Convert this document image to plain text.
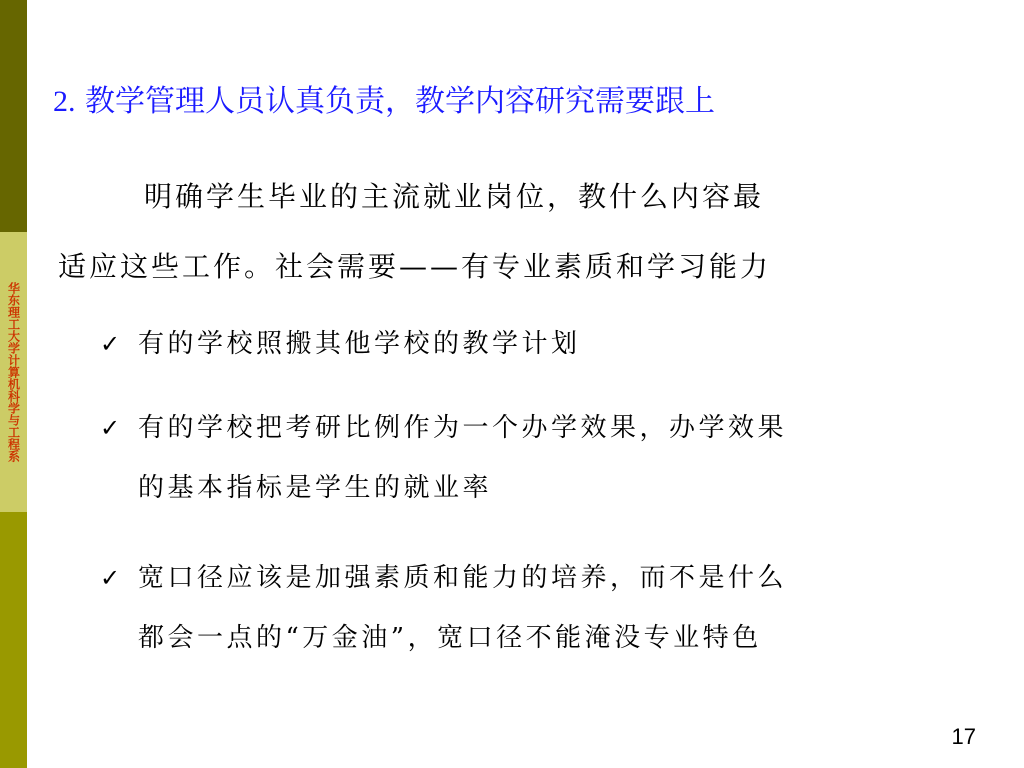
华东理工大学计算机科学与工程系
2. 教学管理人员认真负责，教学内容研究需要跟上

明确学生毕业的主流就业岗位，教什么内容最

适应这些工作。社会需要——有专业素质和学习能力

✓ 有的学校照搬其他学校的教学计划

✓ 有的学校把考研比例作为一个办学效果，办学效果

的基本指标是学生的就业率

✓ 宽口径应该是加强素质和能力的培养，而不是什么

都会一点的“万金油”，宽口径不能淹没专业特色

17
